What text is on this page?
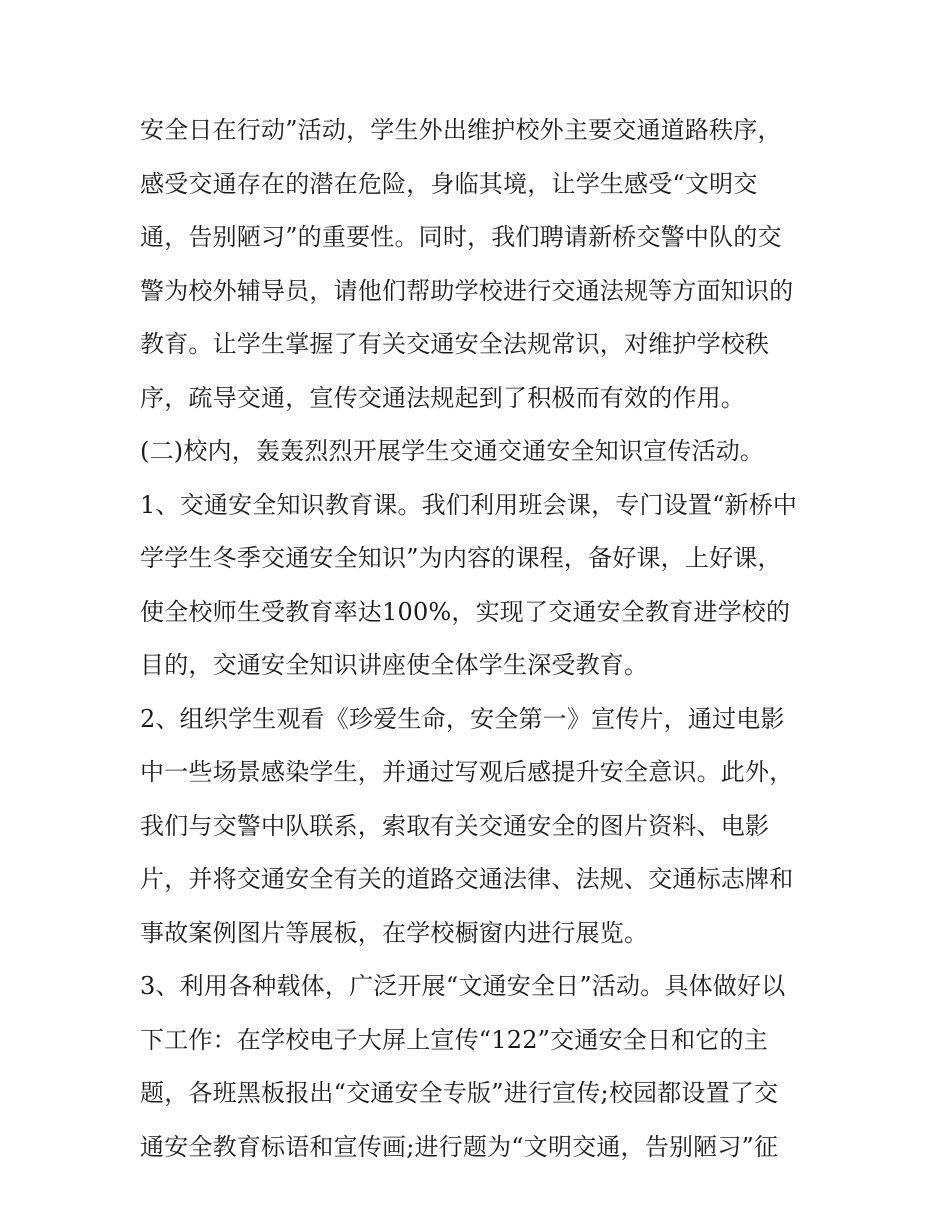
安全日在行动”活动，学生外出维护校外主要交通道路秩序，
感受交通存在的潜在危险，身临其境，让学生感受“文明交
通，告别陋习”的重要性。同时，我们聘请新桥交警中队的交
警为校外辅导员，请他们帮助学校进行交通法规等方面知识的
教育。让学生掌握了有关交通安全法规常识，对维护学校秩
序，疏导交通，宣传交通法规起到了积极而有效的作用。
(二)校内，轰轰烈烈开展学生交通交通安全知识宣传活动。
1、交通安全知识教育课。我们利用班会课，专门设置“新桥中
学学生冬季交通安全知识”为内容的课程，备好课，上好课，
使全校师生受教育率达100%，实现了交通安全教育进学校的
目的，交通安全知识讲座使全体学生深受教育。
2、组织学生观看《珍爱生命，安全第一》宣传片，通过电影
中一些场景感染学生，并通过写观后感提升安全意识。此外，
我们与交警中队联系，索取有关交通安全的图片资料、电影
片，并将交通安全有关的道路交通法律、法规、交通标志牌和
事故案例图片等展板，在学校橱窗内进行展览。
3、利用各种载体，广泛开展“文通安全日”活动。具体做好以
下工作：在学校电子大屏上宣传“122”交通安全日和它的主
题，各班黑板报出“交通安全专版”进行宣传;校园都设置了交
通安全教育标语和宣传画;进行题为“文明交通，告别陋习”征
